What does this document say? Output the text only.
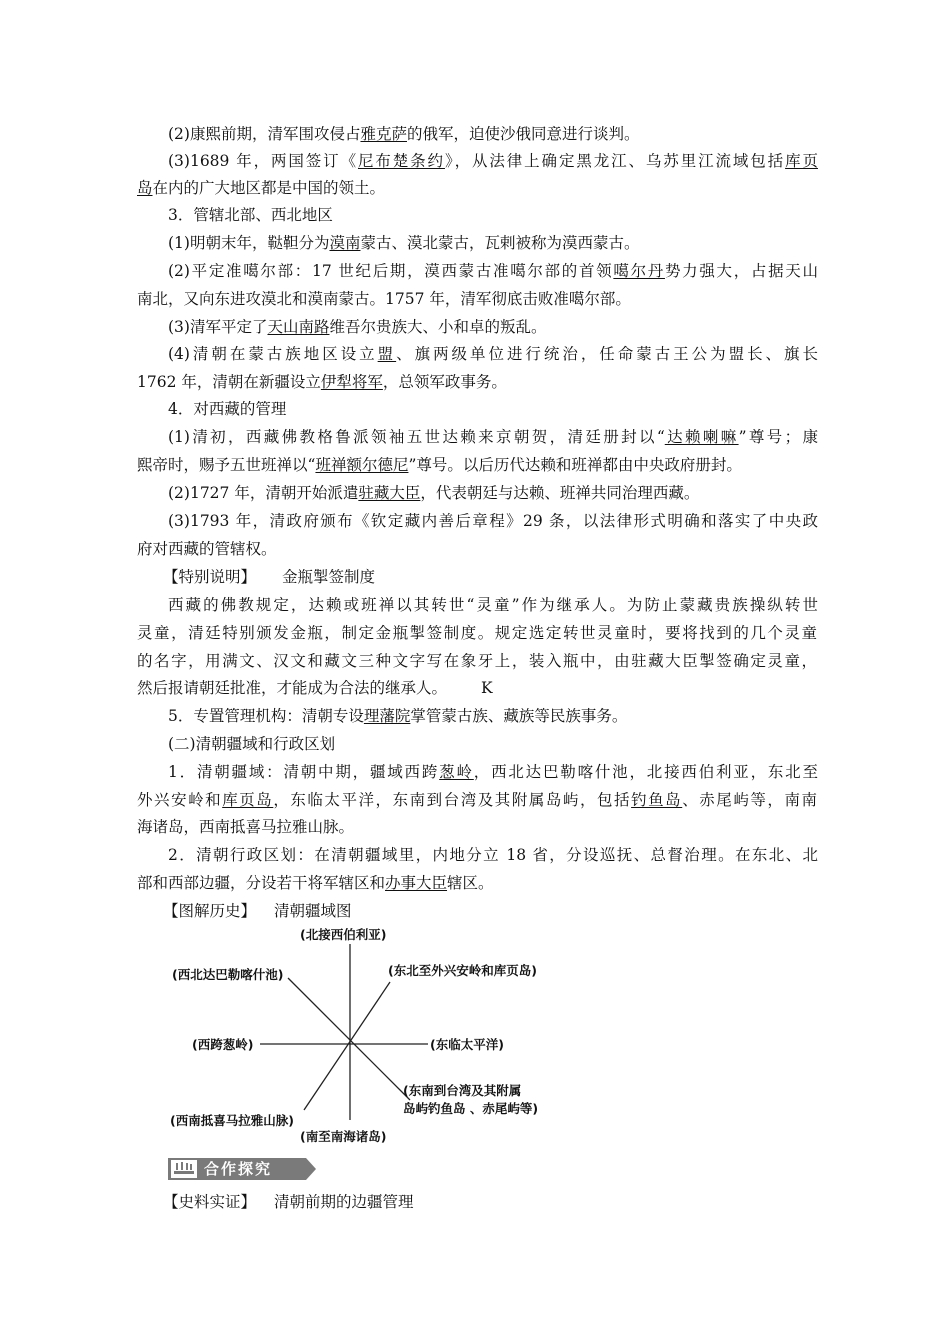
(2)康熙前期，清军围攻侵占雅克萨的俄军，迫使沙俄同意进行谈判。
(3)1689 年，两国签订《尼布楚条约》，从法律上确定黑龙江、乌苏里江流域包括库页
岛在内的广大地区都是中国的领土。
3．管辖北部、西北地区
(1)明朝末年，鞑靼分为漠南蒙古、漠北蒙古，瓦剌被称为漠西蒙古。
(2)平定准噶尔部：17 世纪后期，漠西蒙古准噶尔部的首领噶尔丹势力强大，占据天山
南北，又向东进攻漠北和漠南蒙古。1757 年，清军彻底击败准噶尔部。
(3)清军平定了天山南路维吾尔贵族大、小和卓的叛乱。
(4)清朝在蒙古族地区设立盟、旗两级单位进行统治，任命蒙古王公为盟长、旗长
1762 年，清朝在新疆设立伊犁将军，总领军政事务。
4．对西藏的管理
(1)清初，西藏佛教格鲁派领袖五世达赖来京朝贺，清廷册封以“达赖喇嘛”尊号；康
熙帝时，赐予五世班禅以“班禅额尔德尼”尊号。以后历代达赖和班禅都由中央政府册封。
(2)1727 年，清朝开始派遣驻藏大臣，代表朝廷与达赖、班禅共同治理西藏。
(3)1793 年，清政府颁布《钦定藏内善后章程》29 条，以法律形式明确和落实了中央政
府对西藏的管辖权。
【特别说明】 金瓶掣签制度
西藏的佛教规定，达赖或班禅以其转世“灵童”作为继承人。为防止蒙藏贵族操纵转世
灵童，清廷特别颁发金瓶，制定金瓶掣签制度。规定选定转世灵童时，要将找到的几个灵童
的名字，用满文、汉文和藏文三种文字写在象牙上，装入瓶中，由驻藏大臣掣签确定灵童，
然后报请朝廷批准，才能成为合法的继承人。 K
5．专置管理机构：清朝专设理藩院掌管蒙古族、藏族等民族事务。
(二)清朝疆域和行政区划
1．清朝疆域：清朝中期，疆域西跨葱岭，西北达巴勒喀什池，北接西伯利亚，东北至
外兴安岭和库页岛，东临太平洋，东南到台湾及其附属岛屿，包括钓鱼岛、赤尾屿等，南南
海诸岛，西南抵喜马拉雅山脉。
2．清朝行政区划：在清朝疆域里，内地分立 18 省，分设巡抚、总督治理。在东北、北
部和西部边疆，分设若干将军辖区和办事大臣辖区。
【图解历史】 清朝疆域图
(北接西伯利亚)
(西北达巴勒喀什池)	(东北至外兴安岭和库页岛)
(西跨葱岭)	(东临太平洋)
(东南到台湾及其附属
岛屿钓鱼岛 、赤尾屿等)
(西南抵喜马拉雅山脉)
(南至南海诸岛)
合作探究
【史料实证】 清朝前期的边疆管理
